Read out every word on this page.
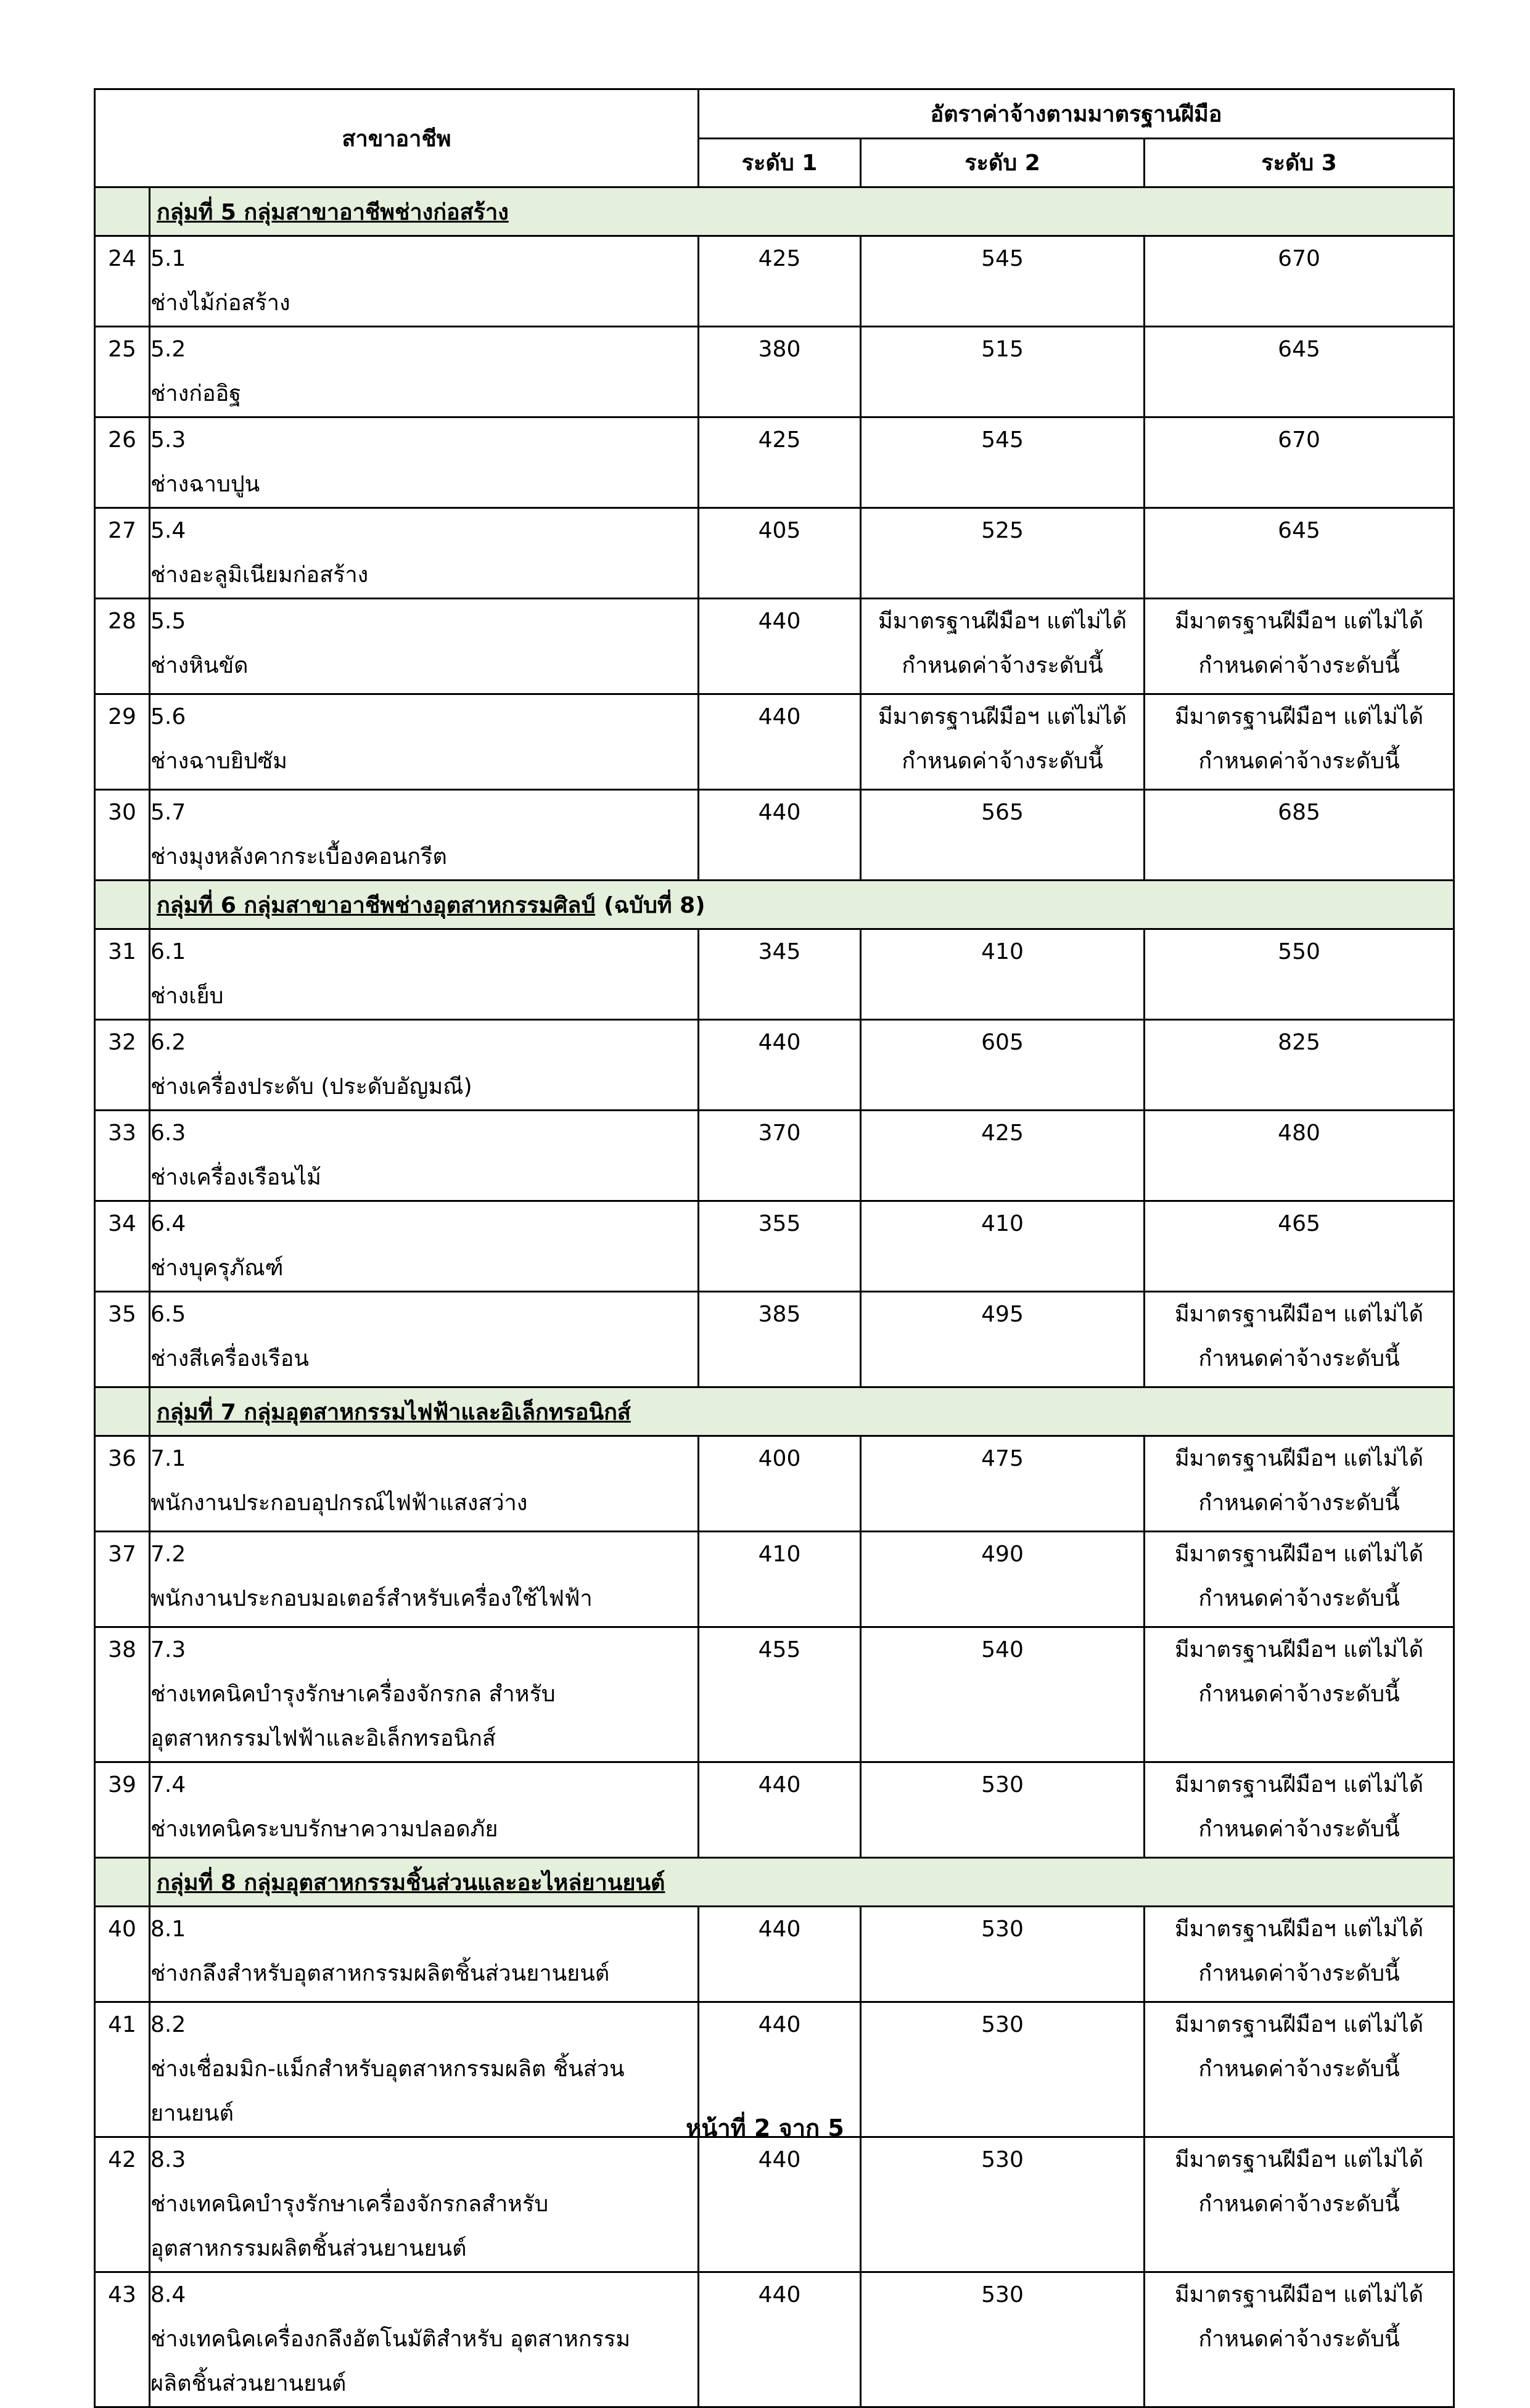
สาขาอาชีพ		อัตราค่าจ้างตามมาตรฐานฝีมือ		
		ระดับ 1	ระดับ 2	ระดับ 3
	กลุ่มที่ 5 กลุ่มสาขาอาชีพช่างก่อสร้าง			
24	5.1ช่างไม้ก่อสร้าง	425	545	670
25	5.2ช่างก่ออิฐ	380	515	645
26	5.3ช่างฉาบปูน	425	545	670
27	5.4ช่างอะลูมิเนียมก่อสร้าง	405	525	645
28	5.5ช่างหินขัด	440	มีมาตรฐานฝีมือฯ แต่ไม่ได้ กำหนดค่าจ้างระดับนี้	มีมาตรฐานฝีมือฯ แต่ไม่ได้ กำหนดค่าจ้างระดับนี้
29	5.6ช่างฉาบยิปซัม	440	มีมาตรฐานฝีมือฯ แต่ไม่ได้ กำหนดค่าจ้างระดับนี้	มีมาตรฐานฝีมือฯ แต่ไม่ได้ กำหนดค่าจ้างระดับนี้
30	5.7ช่างมุงหลังคากระเบื้องคอนกรีต	440	565	685
	กลุ่มที่ 6 กลุ่มสาขาอาชีพช่างอุตสาหกรรมศิลป์ (ฉบับที่ 8)			
31	6.1ช่างเย็บ	345	410	550
32	6.2ช่างเครื่องประดับ (ประดับอัญมณี)	440	605	825
33	6.3ช่างเครื่องเรือนไม้	370	425	480
34	6.4ช่างบุครุภัณฑ์	355	410	465
35	6.5ช่างสีเครื่องเรือน	385	495	มีมาตรฐานฝีมือฯ แต่ไม่ได้ กำหนดค่าจ้างระดับนี้
	กลุ่มที่ 7 กลุ่มอุตสาหกรรมไฟฟ้าและอิเล็กทรอนิกส์			
36	7.1พนักงานประกอบอุปกรณ์ไฟฟ้าแสงสว่าง	400	475	มีมาตรฐานฝีมือฯ แต่ไม่ได้ กำหนดค่าจ้างระดับนี้
37	7.2พนักงานประกอบมอเตอร์สำหรับเครื่องใช้ไฟฟ้า	410	490	มีมาตรฐานฝีมือฯ แต่ไม่ได้ กำหนดค่าจ้างระดับนี้
38	7.3ช่างเทคนิคบำรุงรักษาเครื่องจักรกล สำหรับ อุตสาหกรรมไฟฟ้าและอิเล็กทรอนิกส์	455	540	มีมาตรฐานฝีมือฯ แต่ไม่ได้ กำหนดค่าจ้างระดับนี้
39	7.4ช่างเทคนิคระบบรักษาความปลอดภัย	440	530	มีมาตรฐานฝีมือฯ แต่ไม่ได้ กำหนดค่าจ้างระดับนี้
	กลุ่มที่ 8 กลุ่มอุตสาหกรรมชิ้นส่วนและอะไหล่ยานยนต์			
40	8.1ช่างกลึงสำหรับอุตสาหกรรมผลิตชิ้นส่วนยานยนต์	440	530	มีมาตรฐานฝีมือฯ แต่ไม่ได้ กำหนดค่าจ้างระดับนี้
41	8.2ช่างเชื่อมมิก-แม็กสำหรับอุตสาหกรรมผลิต ชิ้นส่วนยานยนต์	440	530	มีมาตรฐานฝีมือฯ แต่ไม่ได้ กำหนดค่าจ้างระดับนี้
42	8.3ช่างเทคนิคบำรุงรักษาเครื่องจักรกลสำหรับ อุตสาหกรรมผลิตชิ้นส่วนยานยนต์	440	530	มีมาตรฐานฝีมือฯ แต่ไม่ได้ กำหนดค่าจ้างระดับนี้
43	8.4ช่างเทคนิคเครื่องกลึงอัตโนมัติสำหรับ อุตสาหกรรมผลิตชิ้นส่วนยานยนต์	440	530	มีมาตรฐานฝีมือฯ แต่ไม่ได้ กำหนดค่าจ้างระดับนี้
หน้าที่ 2 จาก 5
